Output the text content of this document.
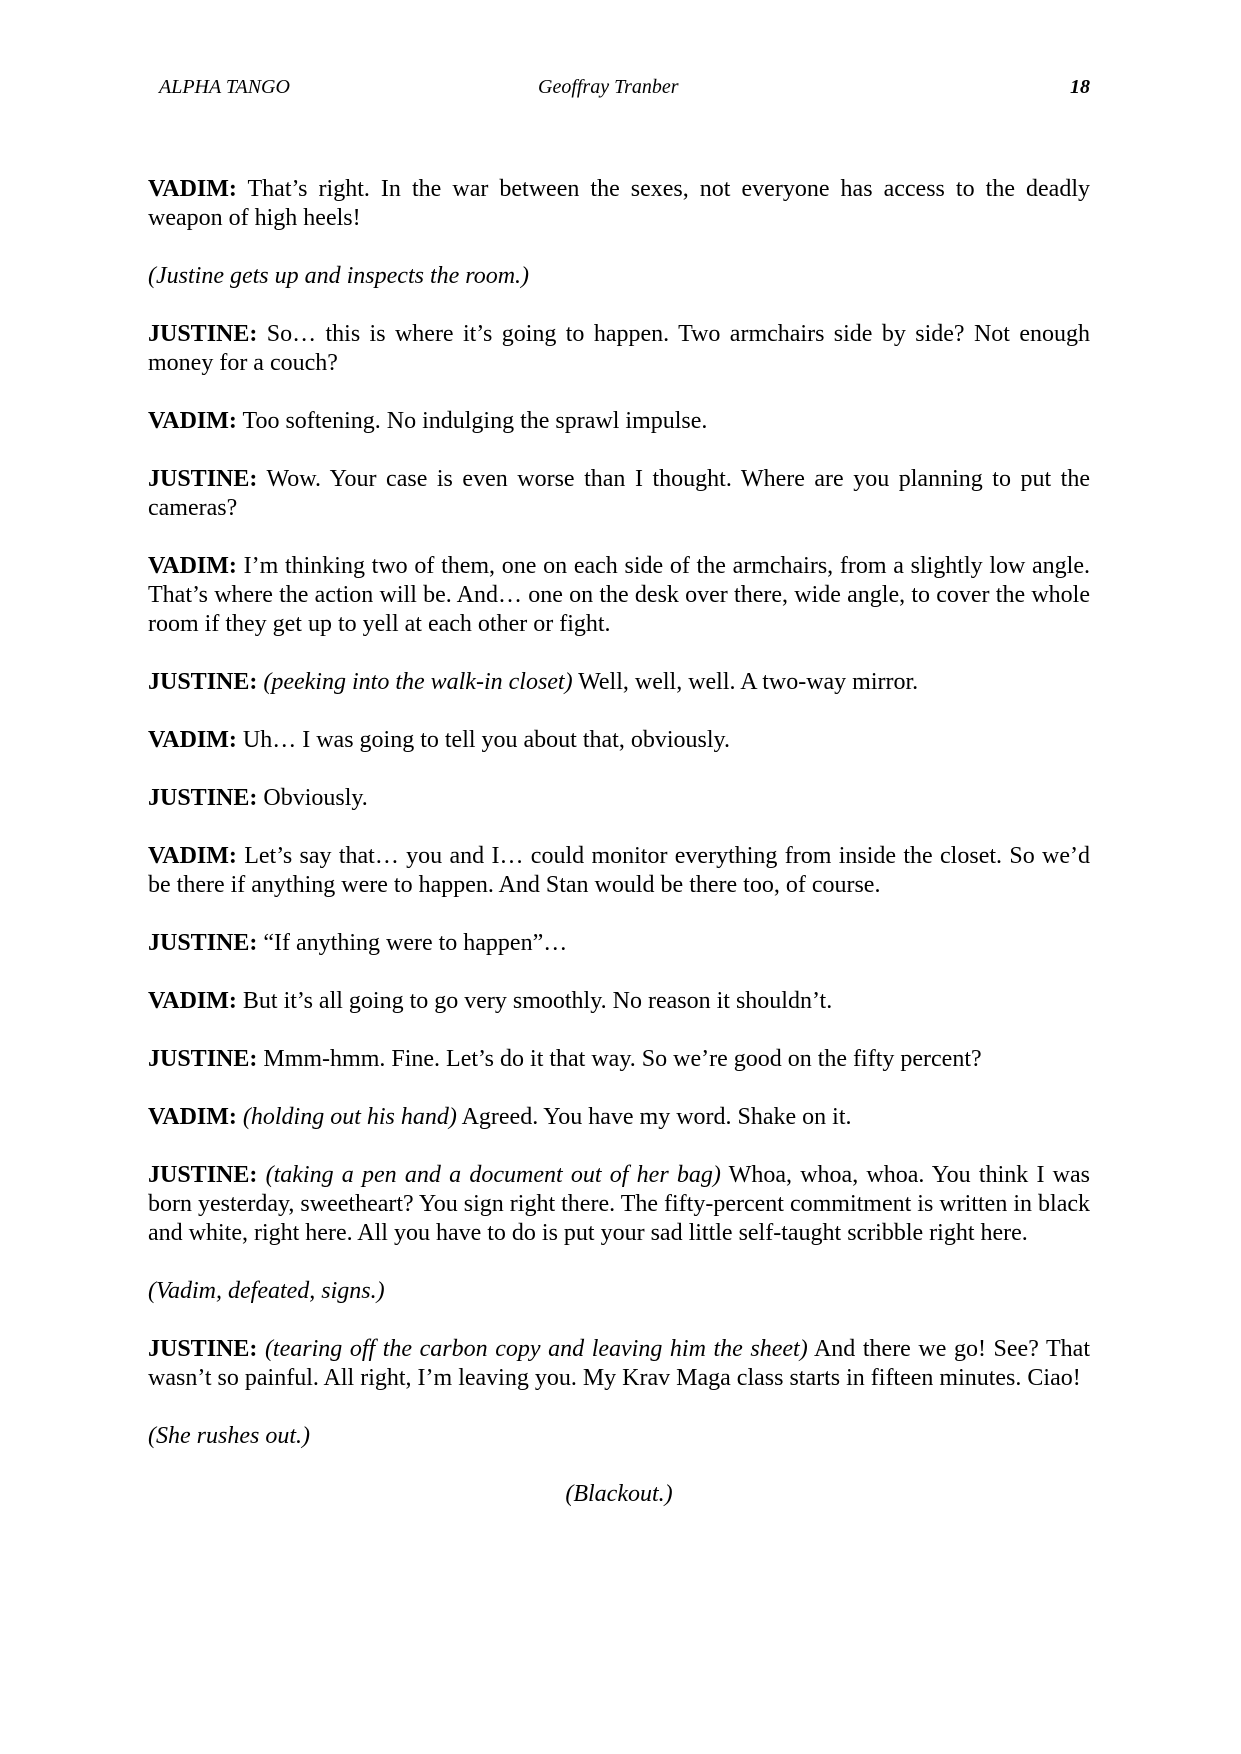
ALPHA TANGO	Geoffray Tranber	18

VADIM: That’s right. In the war between the sexes, not everyone has access to the deadly weapon of high heels!

(Justine gets up and inspects the room.)

JUSTINE: So… this is where it’s going to happen. Two armchairs side by side? Not enough money for a couch?

VADIM: Too softening. No indulging the sprawl impulse.

JUSTINE: Wow. Your case is even worse than I thought. Where are you planning to put the cameras?

VADIM: I’m thinking two of them, one on each side of the armchairs, from a slightly low angle. That’s where the action will be. And… one on the desk over there, wide angle, to cover the whole room if they get up to yell at each other or fight.

JUSTINE: (peeking into the walk-in closet) Well, well, well. A two-way mirror.

VADIM: Uh… I was going to tell you about that, obviously.

JUSTINE: Obviously.

VADIM: Let’s say that… you and I… could monitor everything from inside the closet. So we’d be there if anything were to happen. And Stan would be there too, of course.

JUSTINE: “If anything were to happen”…

VADIM: But it’s all going to go very smoothly. No reason it shouldn’t.

JUSTINE: Mmm-hmm. Fine. Let’s do it that way. So we’re good on the fifty percent?

VADIM: (holding out his hand) Agreed. You have my word. Shake on it.

JUSTINE: (taking a pen and a document out of her bag) Whoa, whoa, whoa. You think I was born yesterday, sweetheart? You sign right there. The fifty-percent commitment is written in black and white, right here. All you have to do is put your sad little self-taught scribble right here.

(Vadim, defeated, signs.)

JUSTINE: (tearing off the carbon copy and leaving him the sheet) And there we go! See? That wasn’t so painful. All right, I’m leaving you. My Krav Maga class starts in fifteen minutes. Ciao!

(She rushes out.)

(Blackout.)
